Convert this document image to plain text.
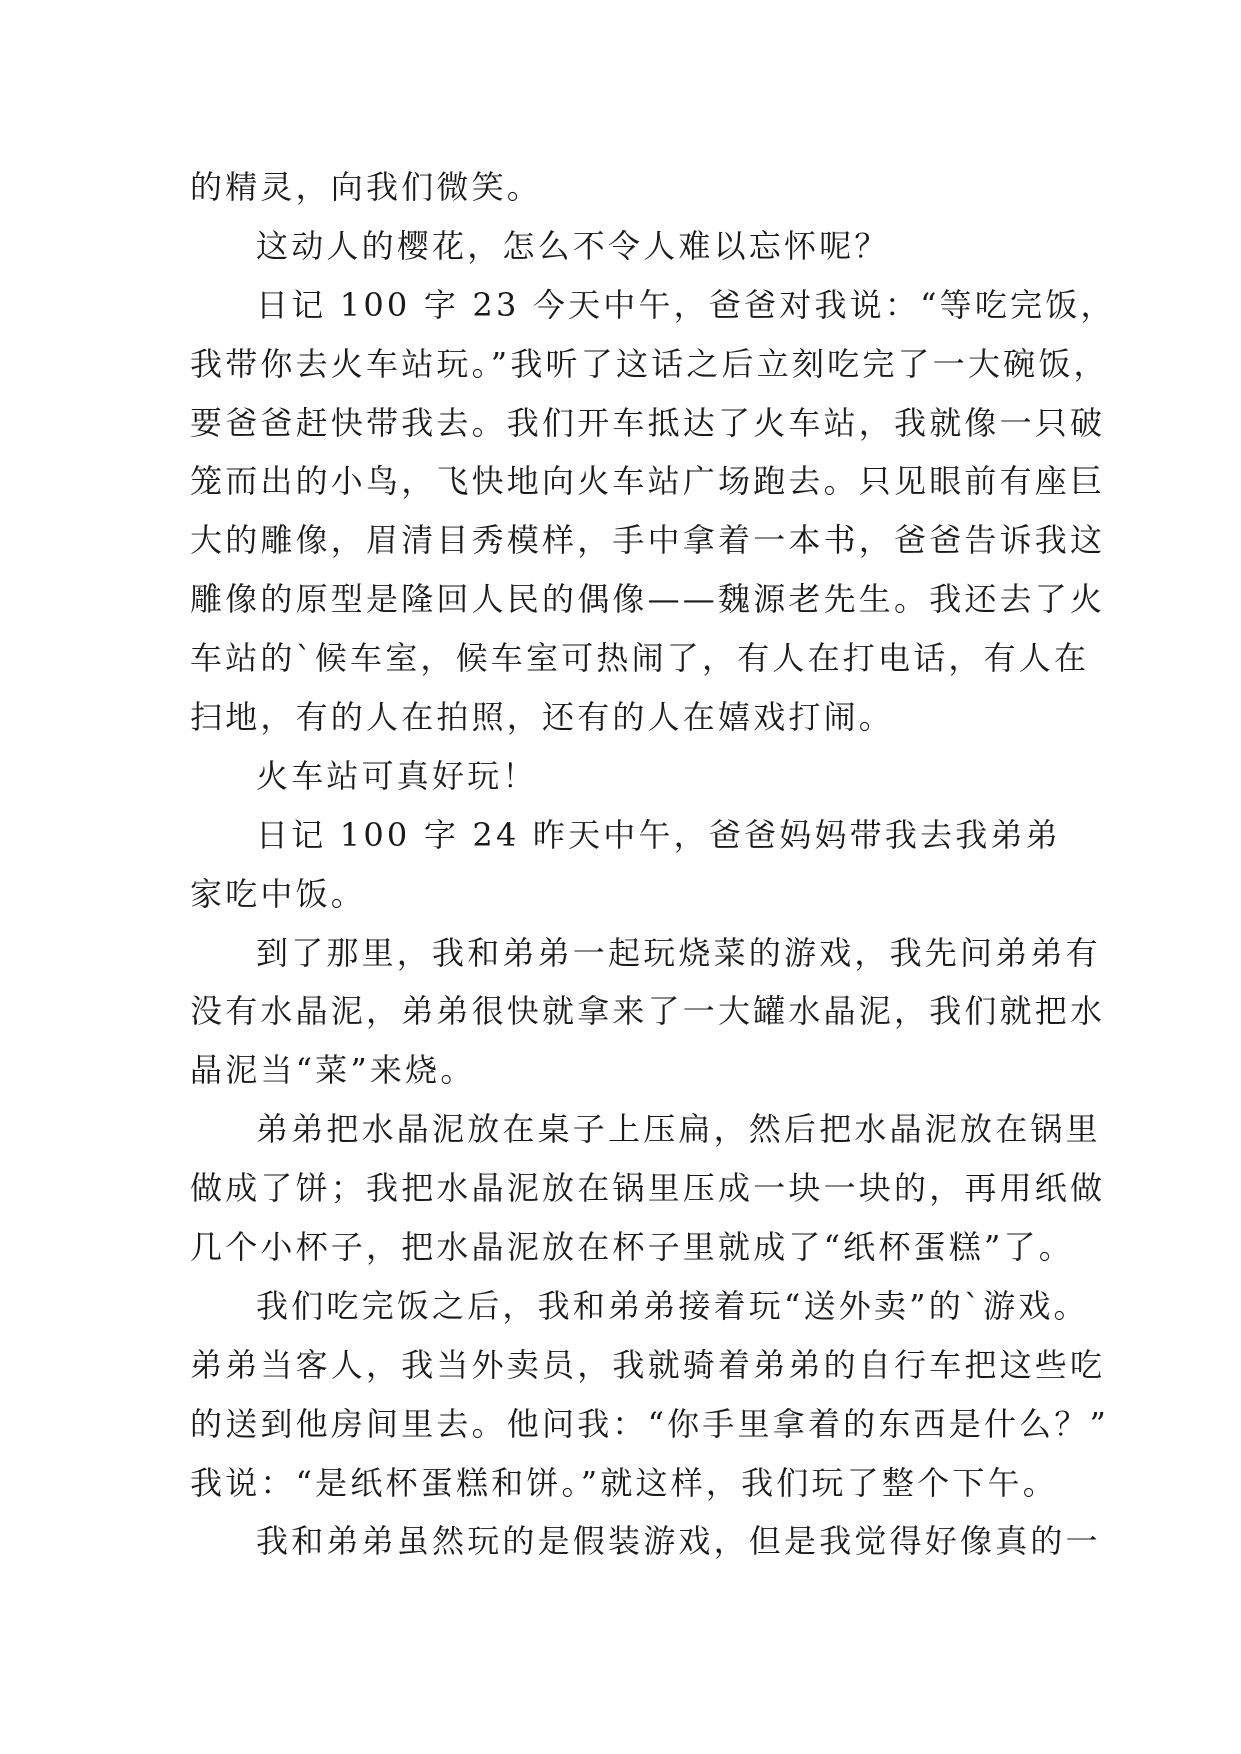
的精灵，向我们微笑。
这动人的樱花，怎么不令人难以忘怀呢？
日记 100 字 23 今天中午，爸爸对我说：“等吃完饭，
我带你去火车站玩。”我听了这话之后立刻吃完了一大碗饭，
要爸爸赶快带我去。我们开车抵达了火车站，我就像一只破
笼而出的小鸟，飞快地向火车站广场跑去。只见眼前有座巨
大的雕像，眉清目秀模样，手中拿着一本书，爸爸告诉我这
雕像的原型是隆回人民的偶像——魏源老先生。我还去了火
车站的`候车室，候车室可热闹了，有人在打电话，有人在
扫地，有的人在拍照，还有的人在嬉戏打闹。
火车站可真好玩！
日记 100 字 24 昨天中午，爸爸妈妈带我去我弟弟
家吃中饭。
到了那里，我和弟弟一起玩烧菜的游戏，我先问弟弟有
没有水晶泥，弟弟很快就拿来了一大罐水晶泥，我们就把水
晶泥当“菜”来烧。
弟弟把水晶泥放在桌子上压扁，然后把水晶泥放在锅里
做成了饼；我把水晶泥放在锅里压成一块一块的，再用纸做
几个小杯子，把水晶泥放在杯子里就成了“纸杯蛋糕”了。
我们吃完饭之后，我和弟弟接着玩“送外卖”的`游戏。
弟弟当客人，我当外卖员，我就骑着弟弟的自行车把这些吃
的送到他房间里去。他问我：“你手里拿着的东西是什么？”
我说：“是纸杯蛋糕和饼。”就这样，我们玩了整个下午。
我和弟弟虽然玩的是假装游戏，但是我觉得好像真的一
